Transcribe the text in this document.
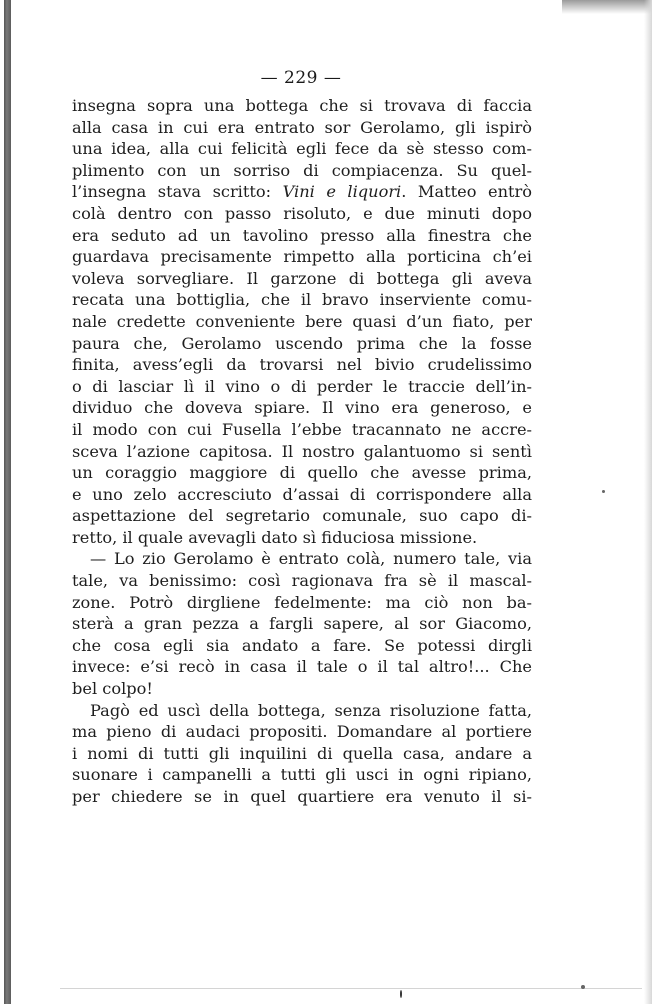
— 229 —
insegna sopra una bottega che si trovava di faccia
alla casa in cui era entrato sor Gerolamo, gli ispirò
una idea, alla cui felicità egli fece da sè stesso com-
plimento con un sorriso di compiacenza. Su quel-
l’insegna stava scritto: Vini e liquori. Matteo entrò
colà dentro con passo risoluto, e due minuti dopo
era seduto ad un tavolino presso alla finestra che
guardava precisamente rimpetto alla porticina ch’ei
voleva sorvegliare. Il garzone di bottega gli aveva
recata una bottiglia, che il bravo inserviente comu-
nale credette conveniente bere quasi d’un fiato, per
paura che, Gerolamo uscendo prima che la fosse
finita, avess’egli da trovarsi nel bivio crudelissimo
o di lasciar lì il vino o di perder le traccie dell’in-
dividuo che doveva spiare. Il vino era generoso, e
il modo con cui Fusella l’ebbe tracannato ne accre-
sceva l’azione capitosa. Il nostro galantuomo si sentì
un coraggio maggiore di quello che avesse prima,
e uno zelo accresciuto d’assai di corrispondere alla
aspettazione del segretario comunale, suo capo di-
retto, il quale avevagli dato sì fiduciosa missione.
— Lo zio Gerolamo è entrato colà, numero tale, via
tale, va benissimo: così ragionava fra sè il mascal-
zone. Potrò dirgliene fedelmente: ma ciò non ba-
sterà a gran pezza a fargli sapere, al sor Giacomo,
che cosa egli sia andato a fare. Se potessi dirgli
invece: e’si recò in casa il tale o il tal altro!... Che
bel colpo!
Pagò ed uscì della bottega, senza risoluzione fatta,
ma pieno di audaci propositi. Domandare al portiere
i nomi di tutti gli inquilini di quella casa, andare a
suonare i campanelli a tutti gli usci in ogni ripiano,
per chiedere se in quel quartiere era venuto il si-
